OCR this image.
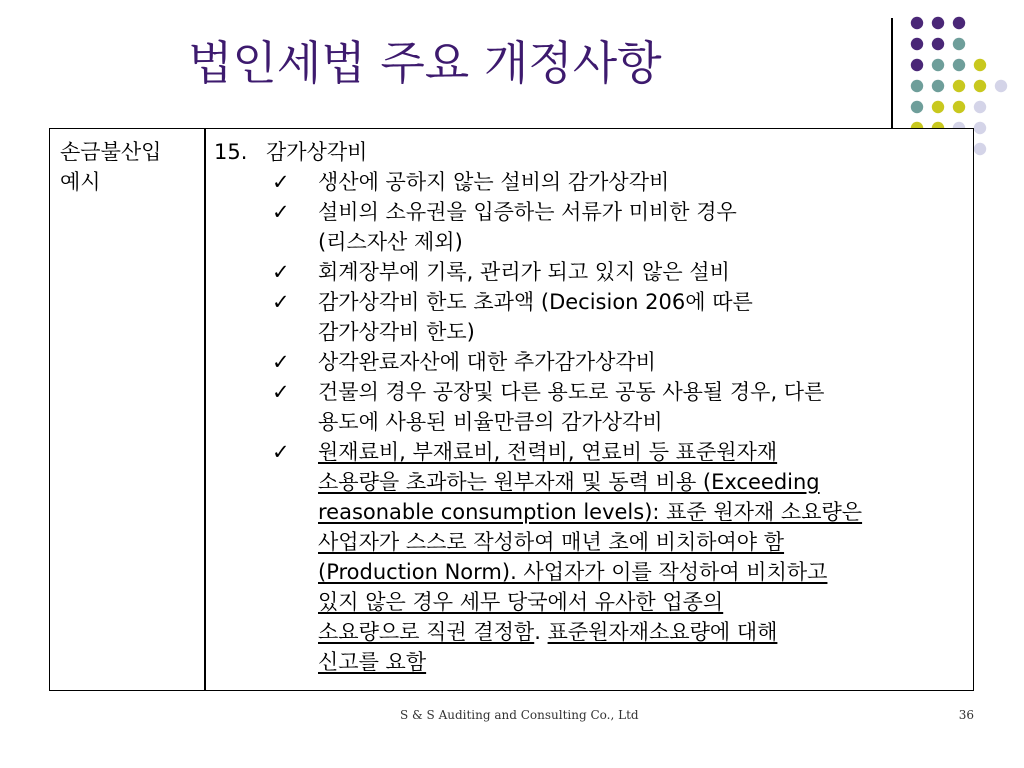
법인세법 주요 개정사항
손금불산입
예시
15. 감가상각비
✓	생산에 공하지 않는 설비의 감가상각비
✓	설비의 소유권을 입증하는 서류가 미비한 경우
(리스자산 제외)
✓	회계장부에 기록, 관리가 되고 있지 않은 설비
✓	감가상각비 한도 초과액 (Decision 206에 따른
감가상각비 한도)
✓	상각완료자산에 대한 추가감가상각비
✓	건물의 경우 공장및 다른 용도로 공동 사용될 경우, 다른
용도에 사용된 비율만큼의 감가상각비
✓	원재료비, 부재료비, 전력비, 연료비 등 표준원자재
소용량을 초과하는 원부자재 및 동력 비용 (Exceeding
reasonable consumption levels): 표준 원자재 소요량은
사업자가 스스로 작성하여 매년 초에 비치하여야 함
(Production Norm). 사업자가 이를 작성하여 비치하고
있지 않은 경우 세무 당국에서 유사한 업종의
소요량으로 직권 결정함. 표준원자재소요량에 대해
신고를 요함
S & S Auditing and Consulting Co., Ltd	36
